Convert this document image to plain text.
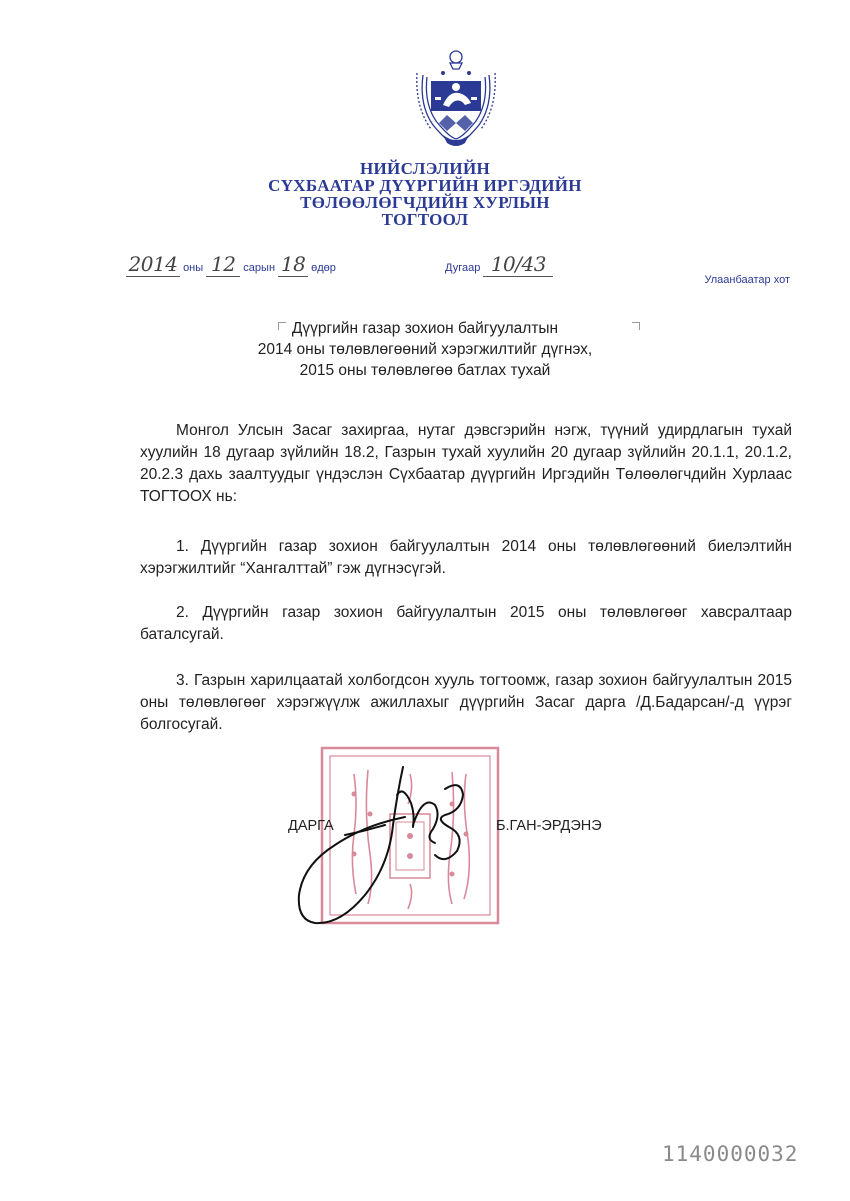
НИЙСЛЭЛИЙН
СҮХБААТАР ДҮҮРГИЙН ИРГЭДИЙН
ТӨЛӨӨЛӨГЧДИЙН ХУРЛЫН
ТОГТООЛ
2014 оны 12 сарын 18 өдөр	Дугаар 10/43
Улаанбаатар хот
Дүүргийн газар зохион байгуулалтын
2014 оны төлөвлөгөөний хэрэгжилтийг дүгнэх,
2015 оны төлөвлөгөө батлах тухай
Монгол Улсын Засаг захиргаа, нутаг дэвсгэрийн нэгж, түүний удирдлагын тухай хуулийн 18 дугаар зүйлийн 18.2, Газрын тухай хуулийн 20 дугаар зүйлийн 20.1.1, 20.1.2, 20.2.3 дахь заалтуудыг үндэслэн Сүхбаатар дүүргийн Иргэдийн Төлөөлөгчдийн Хурлаас ТОГТООХ нь:
1. Дүүргийн газар зохион байгуулалтын 2014 оны төлөвлөгөөний биелэлтийн хэрэгжилтийг “Хангалттай” гэж дүгнэсүгэй.
2. Дүүргийн газар зохион байгуулалтын 2015 оны төлөвлөгөөг хавсралтаар баталсугай.
3. Газрын харилцаатай холбогдсон хууль тогтоомж, газар зохион байгуулалтын 2015 оны төлөвлөгөөг хэрэгжүүлж ажиллахыг дүүргийн Засаг дарга /Д.Бадарсан/-д үүрэг болгосугай.
ДАРГА	Б.ГАН-ЭРДЭНЭ
1140000032
